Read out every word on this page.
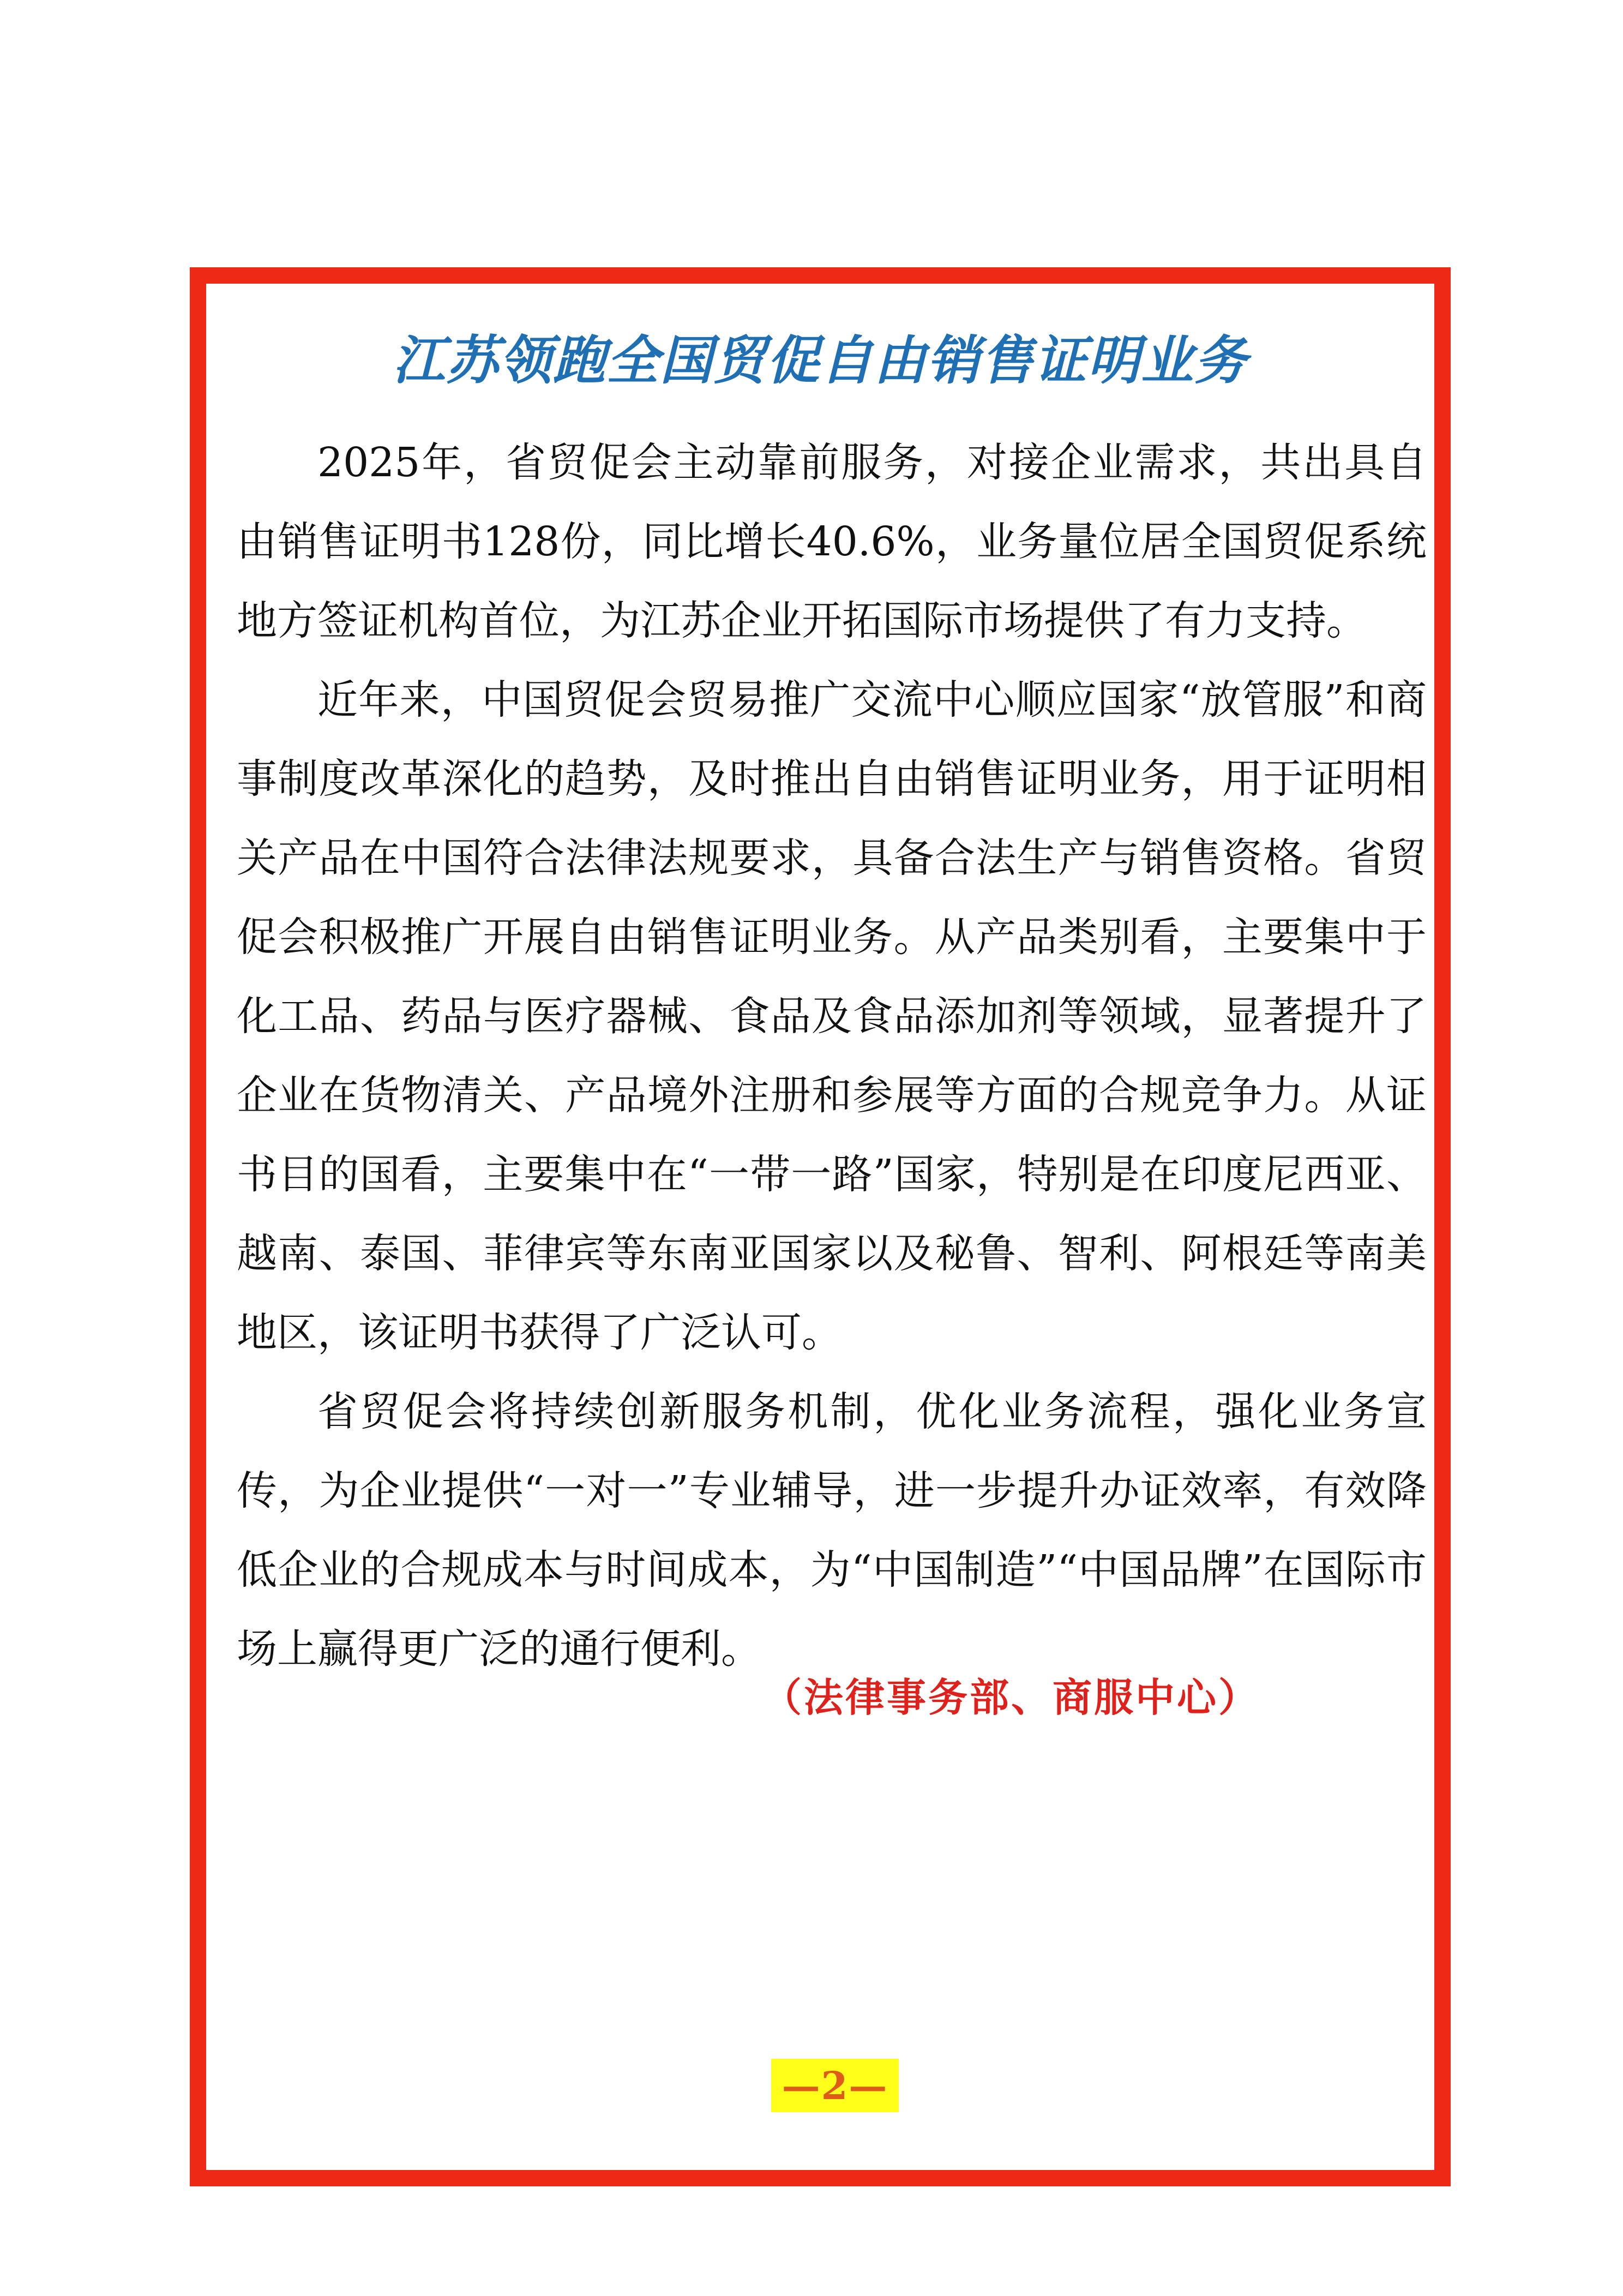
江苏领跑全国贸促自由销售证明业务

2025年，省贸促会主动靠前服务，对接企业需求，共出具自由销售证明书128份，同比增长40.6%，业务量位居全国贸促系统地方签证机构首位，为江苏企业开拓国际市场提供了有力支持。

近年来，中国贸促会贸易推广交流中心顺应国家“放管服”和商事制度改革深化的趋势，及时推出自由销售证明业务，用于证明相关产品在中国符合法律法规要求，具备合法生产与销售资格。省贸促会积极推广开展自由销售证明业务。从产品类别看，主要集中于化工品、药品与医疗器械、食品及食品添加剂等领域，显著提升了企业在货物清关、产品境外注册和参展等方面的合规竞争力。从证书目的国看，主要集中在“一带一路”国家，特别是在印度尼西亚、越南、泰国、菲律宾等东南亚国家以及秘鲁、智利、阿根廷等南美地区，该证明书获得了广泛认可。

省贸促会将持续创新服务机制，优化业务流程，强化业务宣传，为企业提供“一对一”专业辅导，进一步提升办证效率，有效降低企业的合规成本与时间成本，为“中国制造”“中国品牌”在国际市场上赢得更广泛的通行便利。

（法律事务部、商服中心）
—2—
